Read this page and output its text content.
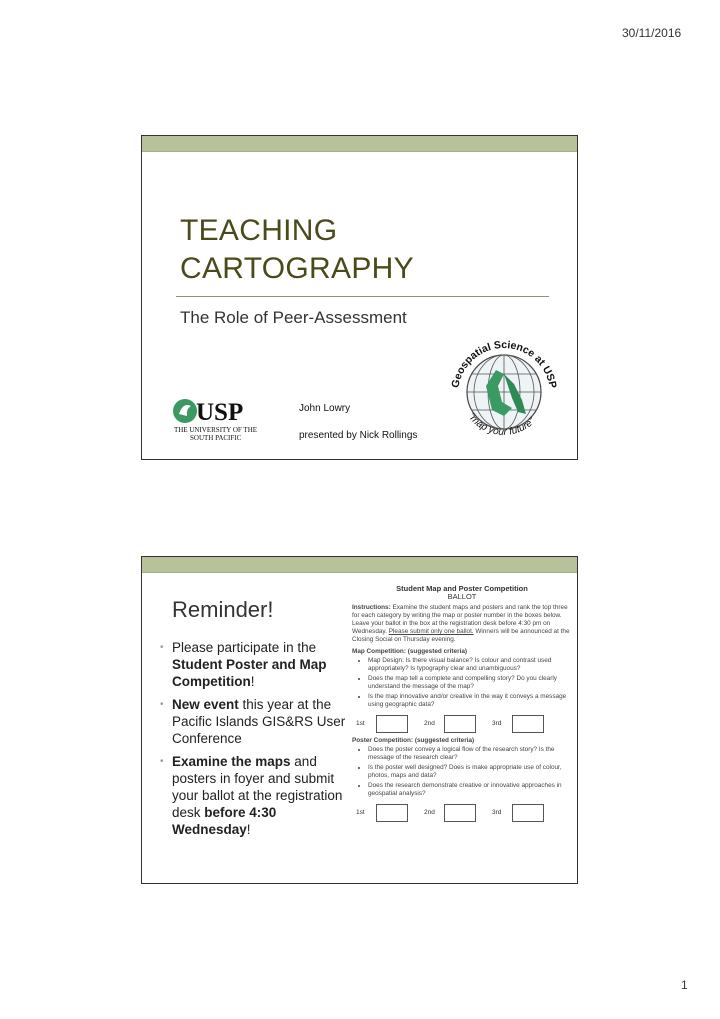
30/11/2016
TEACHING
CARTOGRAPHY
The Role of Peer-Assessment
USP
THE UNIVERSITY OF THE
SOUTH PACIFIC
John Lowry
presented by Nick Rollings
Geospatial Science at USP
"map your future"
Reminder!
• Please participate in the Student Poster and Map Competition!
• New event this year at the Pacific Islands GIS&RS User Conference
• Examine the maps and posters in foyer and submit your ballot at the registration desk before 4:30 Wednesday!
Student Map and Poster Competition
BALLOT
Instructions: Examine the student maps and posters and rank the top three for each category by writing the map or poster number in the boxes below. Leave your ballot in the box at the registration desk before 4:30 pm on Wednesday. Please submit only one ballot. Winners will be announced at the Closing Social on Thursday evening.
Map Competition: (suggested criteria)
• Map Design: Is there visual balance? Is colour and contrast used appropriately? Is typography clear and unambiguous?
• Does the map tell a complete and compelling story? Do you clearly understand the message of the map?
• Is the map innovative and/or creative in the way it conveys a message using geographic data?
1st	2nd	3rd
Poster Competition: (suggested criteria)
• Does the poster convey a logical flow of the research story? Is the message of the research clear?
• Is the poster well designed? Does is make appropriate use of colour, photos, maps and data?
• Does the research demonstrate creative or innovative approaches in geospatial analysis?
1st	2nd	3rd
1
